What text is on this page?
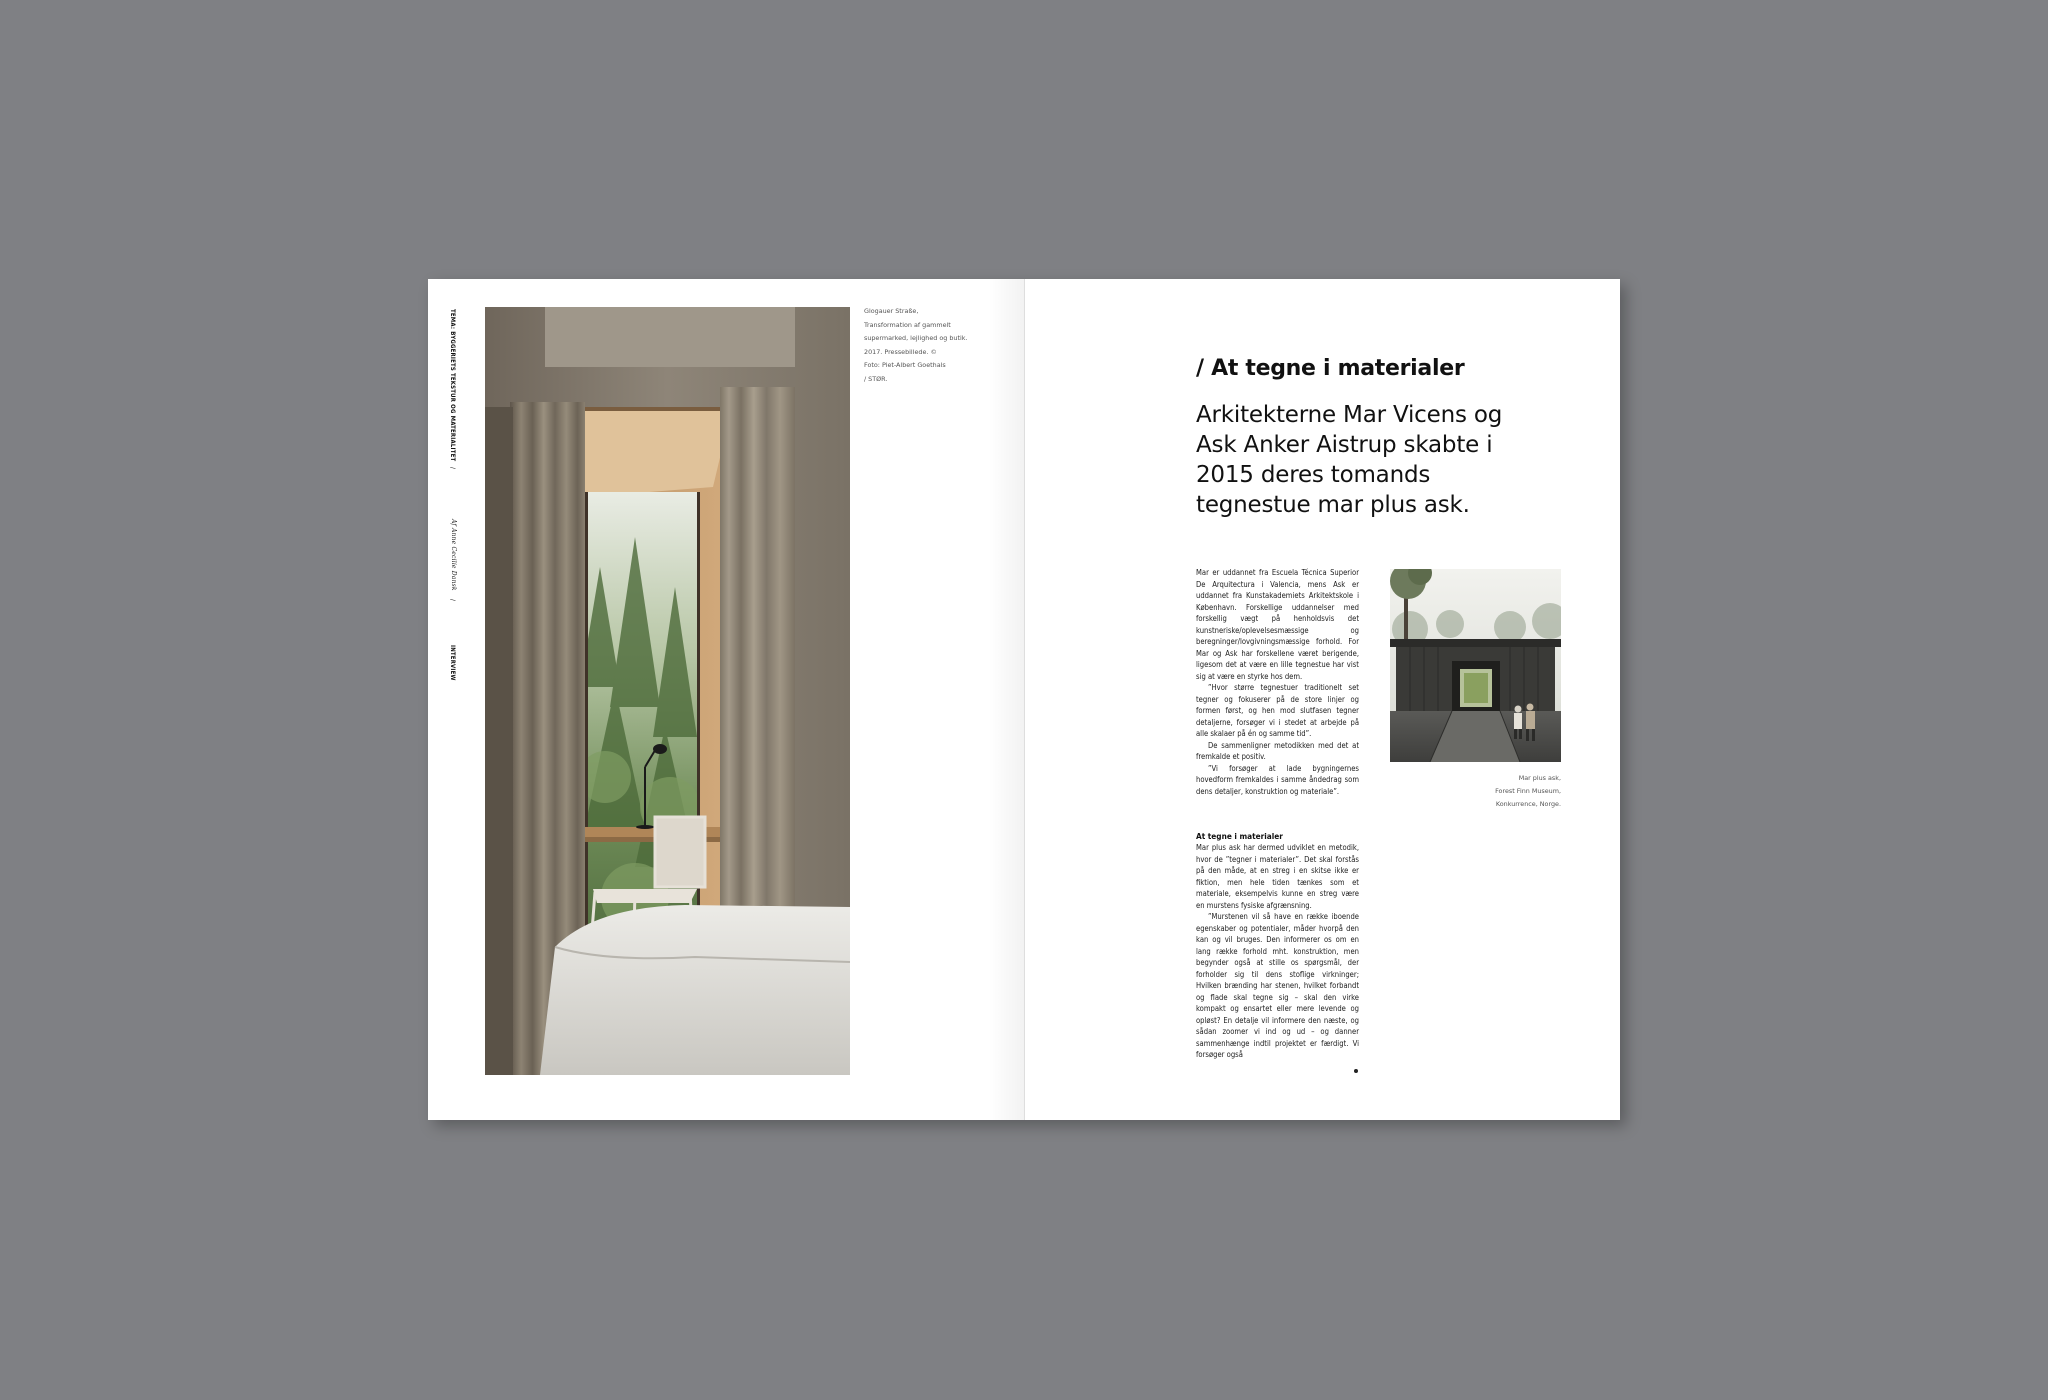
TEMA: BYGGERIETS TEKSTUR OG MATERIALITET
/
Af Anne Cecilie Dansk
/
INTERVIEW
Glogauer Straße,
Transformation af gammelt
supermarked, lejlighed og butik.
2017. Pressebillede. ©
Foto: Piet-Albert Goethals
/ STØR.	/ At tegne i materialer
Arkitekterne Mar Vicens og Ask Anker Aistrup skabte i 2015 deres tomands tegnestue mar plus ask.

Mar er uddannet fra Escuela Técnica Superior De Arquitectura i Valencia, mens Ask er uddannet fra Kunstakademiets Arkitektskole i København. Forskellige uddannelser med forskellig vægt på henholdsvis det kunstneriske/oplevelsesmæssige og beregninger/lovgivningsmæssige forhold. For Mar og Ask har forskellene været berigende, ligesom det at være en lille tegnestue har vist sig at være en styrke hos dem.

”Hvor større tegnestuer traditionelt set tegner og fokuserer på de store linjer og formen først, og hen mod slutfasen tegner detaljerne, forsøger vi i stedet at arbejde på alle skalaer på én og samme tid”.

De sammenligner metodikken med det at fremkalde et positiv.

”Vi forsøger at lade bygningernes hovedform fremkaldes i samme åndedrag som dens detaljer, konstruktion og materiale”.

At tegne i materialer

Mar plus ask har dermed udviklet en metodik, hvor de ”tegner i materialer”. Det skal forstås på den måde, at en streg i en skitse ikke er fiktion, men hele tiden tænkes som et materiale, eksempelvis kunne en streg være en murstens fysiske afgrænsning.

”Murstenen vil så have en række iboende egenskaber og potentialer, måder hvorpå den kan og vil bruges. Den informerer os om en lang række forhold mht. konstruktion, men begynder også at stille os spørgsmål, der forholder sig til dens stoflige virkninger; Hvilken brænding har stenen, hvilket forbandt og flade skal tegne sig – skal den virke kompakt og ensartet eller mere levende og opløst? En detalje vil informere den næste, og sådan zoomer vi ind og ud – og danner sammenhænge indtil projektet er færdigt. Vi forsøger også

Mar plus ask,
Forest Finn Museum,
Konkurrence, Norge.
